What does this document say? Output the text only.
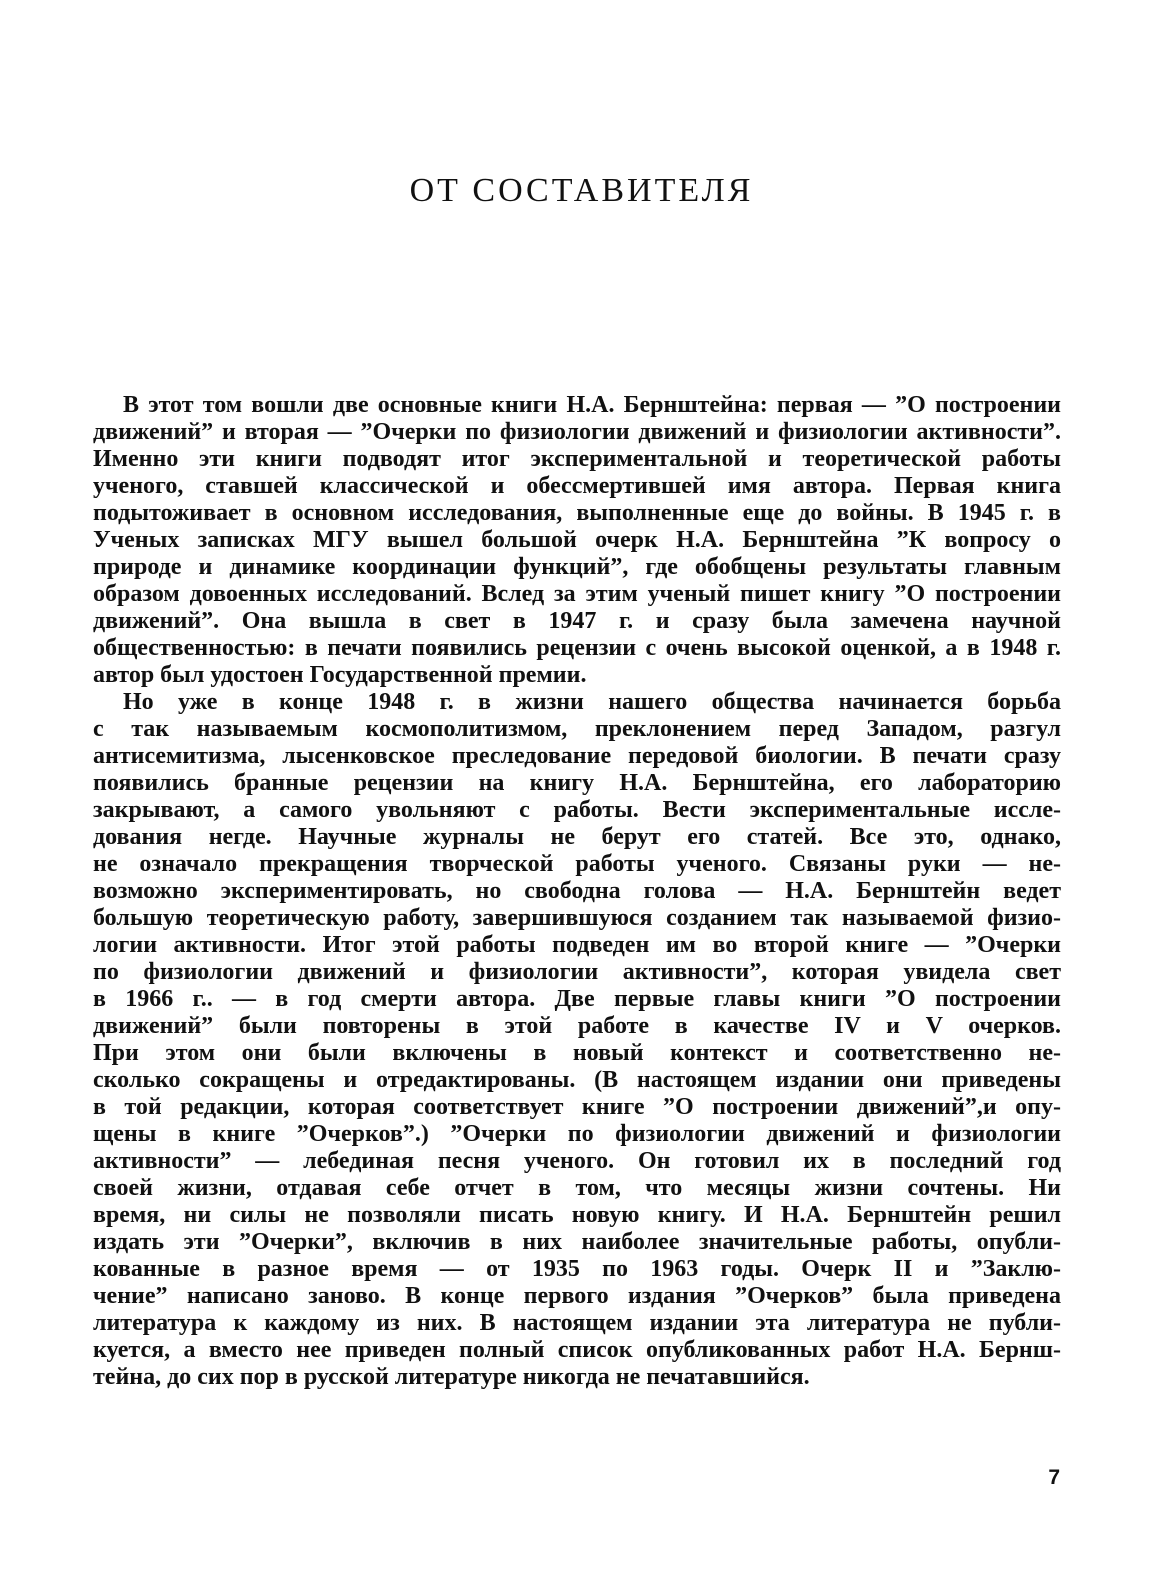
ОТ СОСТАВИТЕЛЯ
В этот том вошли две основные книги Н.А. Бернштейна: первая — ”О построении
движений” и вторая — ”Очерки по физиологии движений и физиологии активности”.
Именно эти книги подводят итог экспериментальной и теоретической работы
ученого, ставшей классической и обессмертившей имя автора. Первая книга
подытоживает в основном исследования, выполненные еще до войны. В 1945 г. в
Ученых записках МГУ вышел большой очерк Н.А. Бернштейна ”К вопросу о
природе и динамике координации функций”, где обобщены результаты главным
образом довоенных исследований. Вслед за этим ученый пишет книгу ”О построении
движений”. Она вышла в свет в 1947 г. и сразу была замечена научной
общественностью: в печати появились рецензии с очень высокой оценкой, а в 1948 г.
автор был удостоен Государственной премии.
Но уже в конце 1948 г. в жизни нашего общества начинается борьба
с так называемым космополитизмом, преклонением перед Западом, разгул
антисемитизма, лысенковское преследование передовой биологии. В печати сразу
появились бранные рецензии на книгу Н.А. Бернштейна, его лабораторию
закрывают, а самого увольняют с работы. Вести экспериментальные иссле-
дования негде. Научные журналы не берут его статей. Все это, однако,
не означало прекращения творческой работы ученого. Связаны руки — не-
возможно экспериментировать, но свободна голова — Н.А. Бернштейн ведет
большую теоретическую работу, завершившуюся созданием так называемой физио-
логии активности. Итог этой работы подведен им во второй книге — ”Очерки
по физиологии движений и физиологии активности”, которая увидела свет
в 1966 г.. — в год смерти автора. Две первые главы книги ”О построении
движений” были повторены в этой работе в качестве IV и V очерков.
При этом они были включены в новый контекст и соответственно не-
сколько сокращены и отредактированы. (В настоящем издании они приведены
в той редакции, которая соответствует книге ”О построении движений”,и опу-
щены в книге ”Очерков”.) ”Очерки по физиологии движений и физиологии
активности” — лебединая песня ученого. Он готовил их в последний год
своей жизни, отдавая себе отчет в том, что месяцы жизни сочтены. Ни
время, ни силы не позволяли писать новую книгу. И Н.А. Бернштейн решил
издать эти ”Очерки”, включив в них наиболее значительные работы, опубли-
кованные в разное время — от 1935 по 1963 годы. Очерк II и ”Заклю-
чение” написано заново. В конце первого издания ”Очерков” была приведена
литература к каждому из них. В настоящем издании эта литература не публи-
куется, а вместо нее приведен полный список опубликованных работ Н.А. Бернш-
тейна, до сих пор в русской литературе никогда не печатавшийся.
7
